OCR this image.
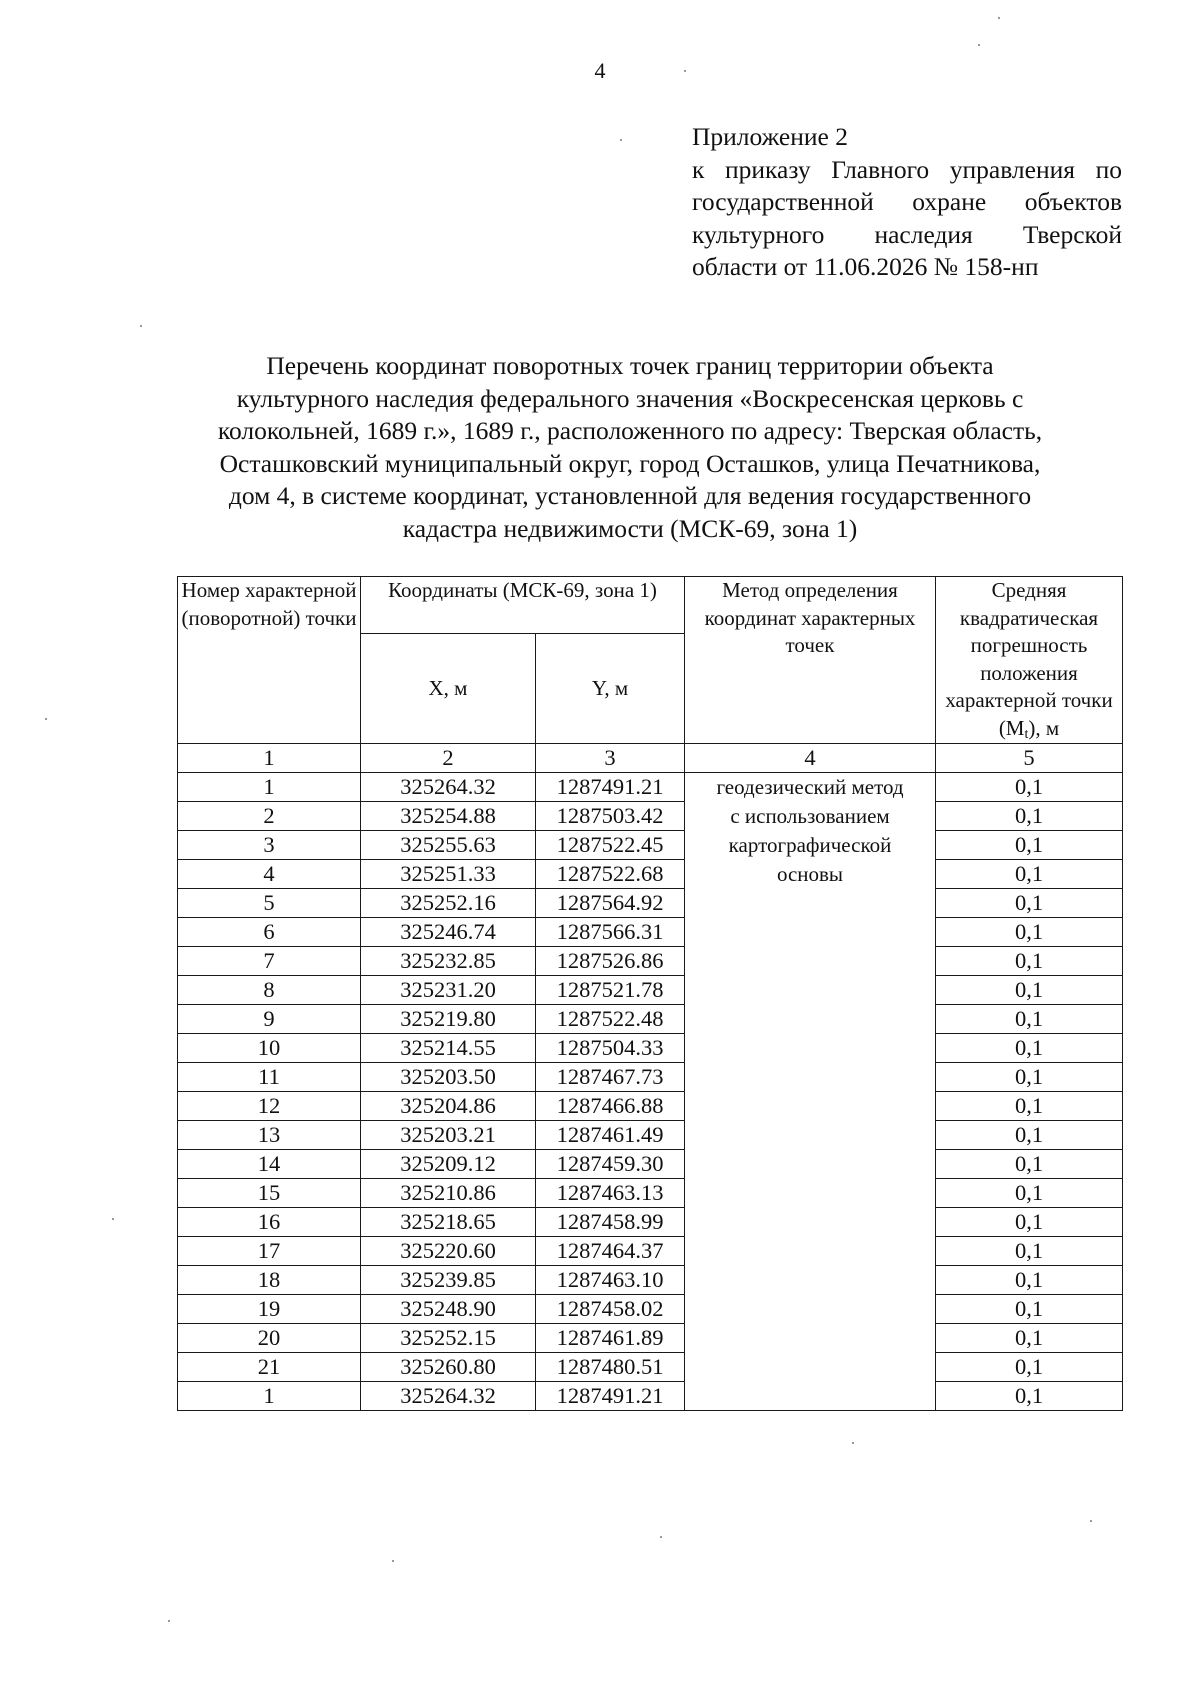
4
Приложение 2
к приказу Главного управления по
государственной охране объектов
культурного наследия Тверской
области от 11.06.2026 № 158-нп
Перечень координат поворотных точек границ территории объекта
культурного наследия федерального значения «Воскресенская церковь с
колокольней, 1689 г.», 1689 г., расположенного по адресу: Тверская область,
Осташковский муниципальный округ, город Осташков, улица Печатникова,
дом 4, в системе координат, установленной для ведения государственного
кадастра недвижимости (МСК-69, зона 1)
Номер характерной (поворотной) точки	Координаты (МСК-69, зона 1)		Метод определения координат характерных точек	Средняя квадратическая погрешность положения характерной точки $(M_t)$, м
	X, м	Y, м		
1	2	3	4	5
1	325264.32	1287491.21	геодезический метод
с использованием
картографической
основы	0,1
2	325254.88	1287503.42		0,1
3	325255.63	1287522.45		0,1
4	325251.33	1287522.68		0,1
5	325252.16	1287564.92		0,1
6	325246.74	1287566.31		0,1
7	325232.85	1287526.86		0,1
8	325231.20	1287521.78		0,1
9	325219.80	1287522.48		0,1
10	325214.55	1287504.33		0,1
11	325203.50	1287467.73		0,1
12	325204.86	1287466.88		0,1
13	325203.21	1287461.49		0,1
14	325209.12	1287459.30		0,1
15	325210.86	1287463.13		0,1
16	325218.65	1287458.99		0,1
17	325220.60	1287464.37		0,1
18	325239.85	1287463.10		0,1
19	325248.90	1287458.02		0,1
20	325252.15	1287461.89		0,1
21	325260.80	1287480.51		0,1
1	325264.32	1287491.21		0,1
